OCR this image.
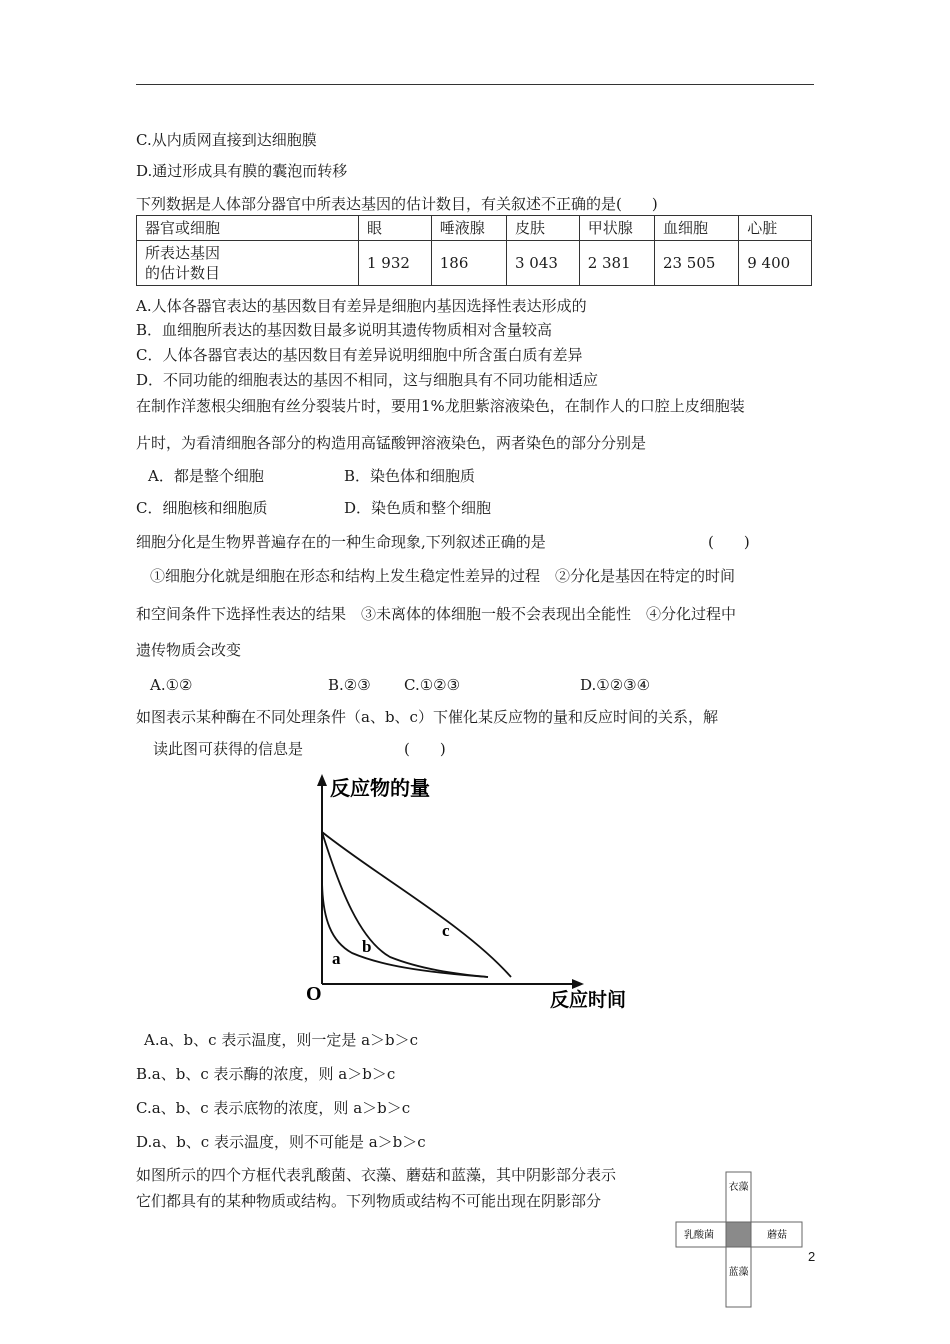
C.从内质网直接到达细胞膜
D.通过形成具有膜的囊泡而转移
下列数据是人体部分器官中所表达基因的估计数目，有关叙述不正确的是(　　)
器官或细胞	眼	唾液腺	皮肤	甲状腺	血细胞	心脏

所表达基因
的估计数目	1 932	186	3 043	2 381	23 505	9 400
A.人体各器官表达的基因数目有差异是细胞内基因选择性表达形成的
B．血细胞所表达的基因数目最多说明其遗传物质相对含量较高
C．人体各器官表达的基因数目有差异说明细胞中所含蛋白质有差异
D．不同功能的细胞表达的基因不相同，这与细胞具有不同功能相适应
在制作洋葱根尖细胞有丝分裂装片时，要用1%龙胆紫溶液染色，在制作人的口腔上皮细胞装
片时，为看清细胞各部分的构造用高锰酸钾溶液染色，两者染色的部分分别是
A．都是整个细胞	B．染色体和细胞质
C．细胞核和细胞质	D．染色质和整个细胞
细胞分化是生物界普遍存在的一种生命现象,下列叙述正确的是	(　　)
①细胞分化就是细胞在形态和结构上发生稳定性差异的过程　②分化是基因在特定的时间
和空间条件下选择性表达的结果　③未离体的体细胞一般不会表现出全能性　④分化过程中
遗传物质会改变
A.①②	B.②③ C.①②③	D.①②③④
如图表示某种酶在不同处理条件（a、b、c）下催化某反应物的量和反应时间的关系，解
读此图可获得的信息是	(　　)
反应物的量
反应时间
O
a
b
c
A.a、b、c 表示温度，则一定是 a＞b＞c
B.a、b、c 表示酶的浓度，则 a＞b＞c
C.a、b、c 表示底物的浓度，则 a＞b＞c
D.a、b、c 表示温度，则不可能是 a＞b＞c
如图所示的四个方框代表乳酸菌、衣藻、蘑菇和蓝藻，其中阴影部分表示
它们都具有的某种物质或结构。下列物质或结构不可能出现在阴影部分
衣藻
乳酸菌	蘑菇
蓝藻
2
